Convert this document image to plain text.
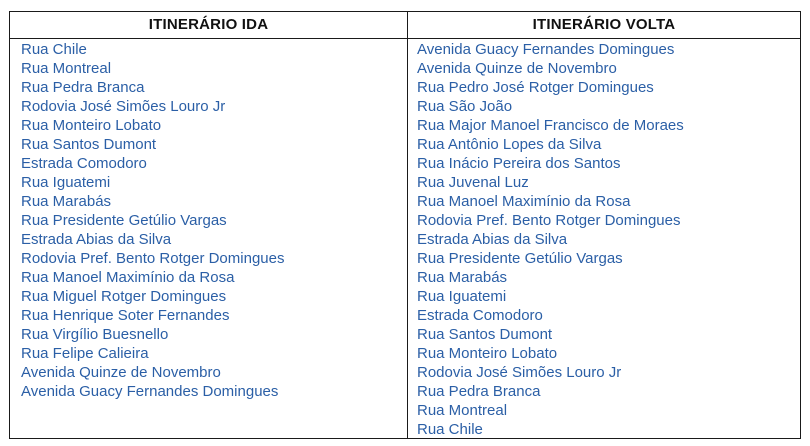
ITINERÁRIO IDA	ITINERÁRIO VOLTA
Rua Chile
Rua Montreal
Rua Pedra Branca
Rodovia José Simões Louro Jr
Rua Monteiro Lobato
Rua Santos Dumont
Estrada Comodoro
Rua Iguatemi
Rua Marabás
Rua Presidente Getúlio Vargas
Estrada Abias da Silva
Rodovia Pref. Bento Rotger Domingues
Rua Manoel Maximínio da Rosa
Rua Miguel Rotger Domingues
Rua Henrique Soter Fernandes
Rua Virgílio Buesnello
Rua Felipe Calieira
Avenida Quinze de Novembro
Avenida Guacy Fernandes Domingues
Avenida Guacy Fernandes Domingues
Avenida Quinze de Novembro
Rua Pedro José Rotger Domingues
Rua São João
Rua Major Manoel Francisco de Moraes
Rua Antônio Lopes da Silva
Rua Inácio Pereira dos Santos
Rua Juvenal Luz
Rua Manoel Maximínio da Rosa
Rodovia Pref. Bento Rotger Domingues
Estrada Abias da Silva
Rua Presidente Getúlio Vargas
Rua Marabás
Rua Iguatemi
Estrada Comodoro
Rua Santos Dumont
Rua Monteiro Lobato
Rodovia José Simões Louro Jr
Rua Pedra Branca
Rua Montreal
Rua Chile
